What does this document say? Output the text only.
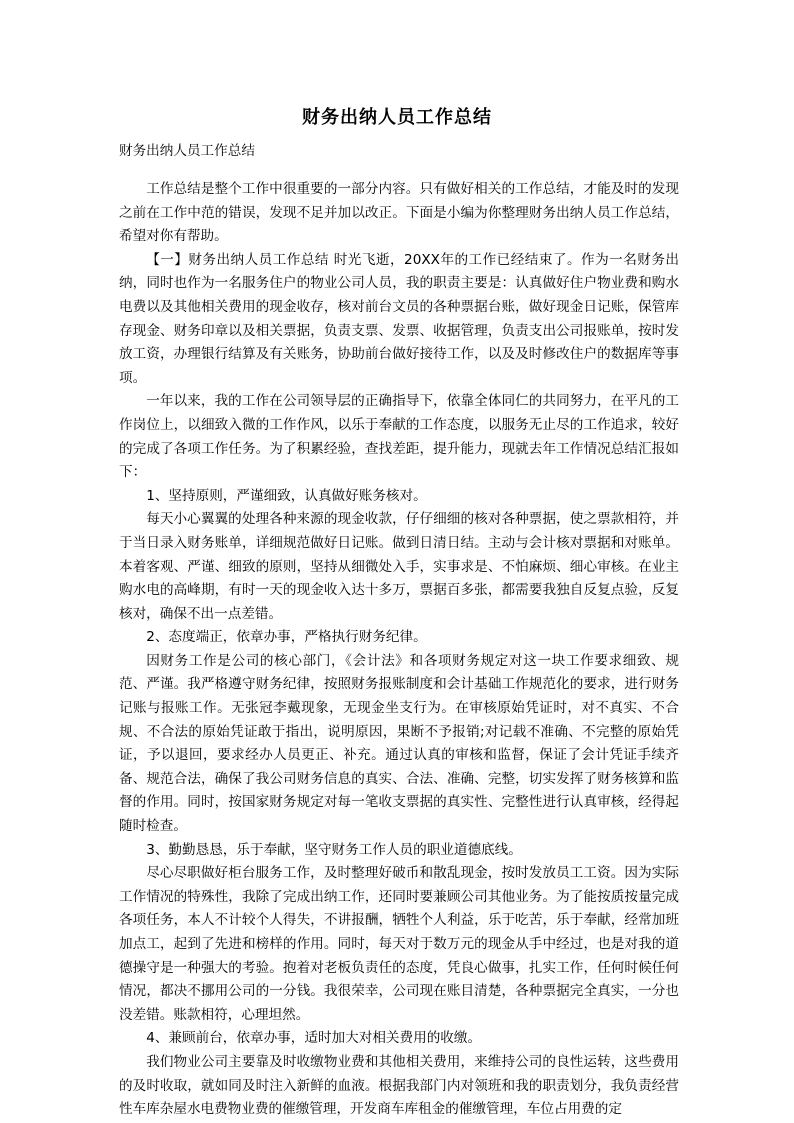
财务出纳人员工作总结
财务出纳人员工作总结

工作总结是整个工作中很重要的一部分内容。只有做好相关的工作总结，才能及时的发现之前在工作中范的错误，发现不足并加以改正。下面是小编为你整理财务出纳人员工作总结，希望对你有帮助。

【一】财务出纳人员工作总结 时光飞逝，20XX年的工作已经结束了。作为一名财务出纳，同时也作为一名服务住户的物业公司人员，我的职责主要是：认真做好住户物业费和购水电费以及其他相关费用的现金收存，核对前台文员的各种票据台账，做好现金日记账，保管库存现金、财务印章以及相关票据，负责支票、发票、收据管理，负责支出公司报账单，按时发放工资，办理银行结算及有关账务，协助前台做好接待工作，以及及时修改住户的数据库等事项。

一年以来，我的工作在公司领导层的正确指导下，依靠全体同仁的共同努力，在平凡的工作岗位上，以细致入微的工作作风，以乐于奉献的工作态度，以服务无止尽的工作追求，较好的完成了各项工作任务。为了积累经验，查找差距，提升能力，现就去年工作情况总结汇报如下：

1、坚持原则，严谨细致，认真做好账务核对。

每天小心翼翼的处理各种来源的现金收款，仔仔细细的核对各种票据，使之票款相符，并于当日录入财务账单，详细规范做好日记账。做到日清日结。主动与会计核对票据和对账单。本着客观、严谨、细致的原则，坚持从细微处入手，实事求是、不怕麻烦、细心审核。在业主购水电的高峰期，有时一天的现金收入达十多万，票据百多张，都需要我独自反复点验，反复核对，确保不出一点差错。

2、态度端正，依章办事，严格执行财务纪律。

因财务工作是公司的核心部门，《会计法》和各项财务规定对这一块工作要求细致、规范、严谨。我严格遵守财务纪律，按照财务报账制度和会计基础工作规范化的要求，进行财务记账与报账工作。无张冠李戴现象，无现金坐支行为。在审核原始凭证时，对不真实、不合规、不合法的原始凭证敢于指出，说明原因，果断不予报销;对记载不准确、不完整的原始凭证，予以退回，要求经办人员更正、补充。通过认真的审核和监督，保证了会计凭证手续齐备、规范合法，确保了我公司财务信息的真实、合法、准确、完整，切实发挥了财务核算和监督的作用。同时，按国家财务规定对每一笔收支票据的真实性、完整性进行认真审核，经得起随时检查。

3、勤勤恳恳，乐于奉献，坚守财务工作人员的职业道德底线。

尽心尽职做好柜台服务工作，及时整理好破币和散乱现金，按时发放员工工资。因为实际工作情况的特殊性，我除了完成出纳工作，还同时要兼顾公司其他业务。为了能按质按量完成各项任务，本人不计较个人得失，不讲报酬，牺牲个人利益，乐于吃苦，乐于奉献，经常加班加点工，起到了先进和榜样的作用。同时，每天对于数万元的现金从手中经过，也是对我的道德操守是一种强大的考验。抱着对老板负责任的态度，凭良心做事，扎实工作，任何时候任何情况，都决不挪用公司的一分钱。我很荣幸，公司现在账目清楚，各种票据完全真实，一分也没差错。账款相符，心理坦然。

4、兼顾前台，依章办事，适时加大对相关费用的收缴。

我们物业公司主要靠及时收缴物业费和其他相关费用，来维持公司的良性运转，这些费用的及时收取，就如同及时注入新鲜的血液。根据我部门内对领班和我的职责划分，我负责经营性车库杂屋水电费物业费的催缴管理，开发商车库租金的催缴管理，车位占用费的定
